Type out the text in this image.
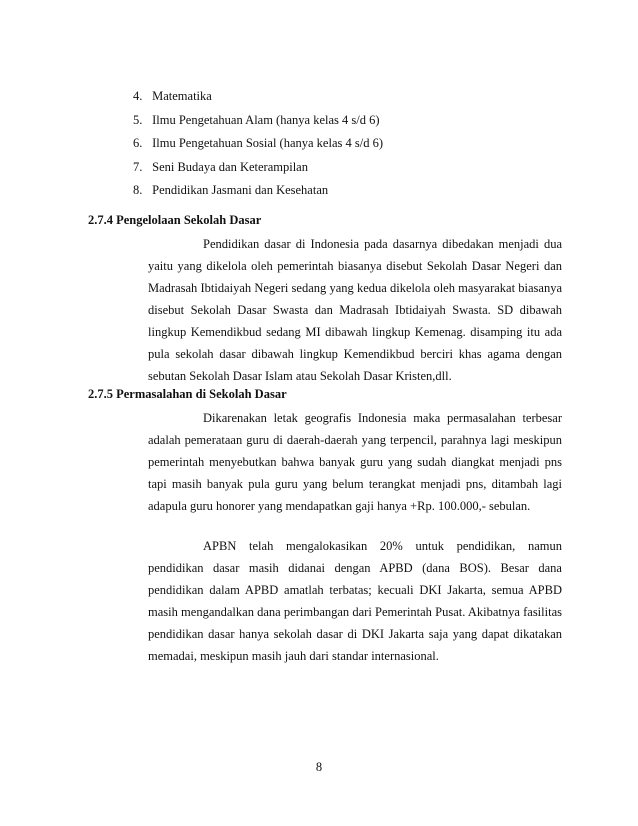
4. Matematika
5. Ilmu Pengetahuan Alam (hanya kelas 4 s/d 6)
6. Ilmu Pengetahuan Sosial (hanya kelas 4 s/d 6)
7. Seni Budaya dan Keterampilan
8. Pendidikan Jasmani dan Kesehatan
2.7.4 Pengelolaan Sekolah Dasar

Pendidikan dasar di Indonesia pada dasarnya dibedakan menjadi dua yaitu yang dikelola oleh pemerintah biasanya disebut Sekolah Dasar Negeri dan Madrasah Ibtidaiyah Negeri sedang yang kedua dikelola oleh masyarakat biasanya disebut Sekolah Dasar Swasta dan Madrasah Ibtidaiyah Swasta. SD dibawah lingkup Kemendikbud sedang MI dibawah lingkup Kemenag. disamping itu ada pula sekolah dasar dibawah lingkup Kemendikbud berciri khas agama dengan sebutan Sekolah Dasar Islam atau Sekolah Dasar Kristen,dll.

2.7.5 Permasalahan di Sekolah Dasar

Dikarenakan letak geografis Indonesia maka permasalahan terbesar adalah pemerataan guru di daerah-daerah yang terpencil, parahnya lagi meskipun pemerintah menyebutkan bahwa banyak guru yang sudah diangkat menjadi pns tapi masih banyak pula guru yang belum terangkat menjadi pns, ditambah lagi adapula guru honorer yang mendapatkan gaji hanya +Rp. 100.000,- sebulan.

APBN telah mengalokasikan 20% untuk pendidikan, namun pendidikan dasar masih didanai dengan APBD (dana BOS). Besar dana pendidikan dalam APBD amatlah terbatas; kecuali DKI Jakarta, semua APBD masih mengandalkan dana perimbangan dari Pemerintah Pusat. Akibatnya fasilitas pendidikan dasar hanya sekolah dasar di DKI Jakarta saja yang dapat dikatakan memadai, meskipun masih jauh dari standar internasional.

8
